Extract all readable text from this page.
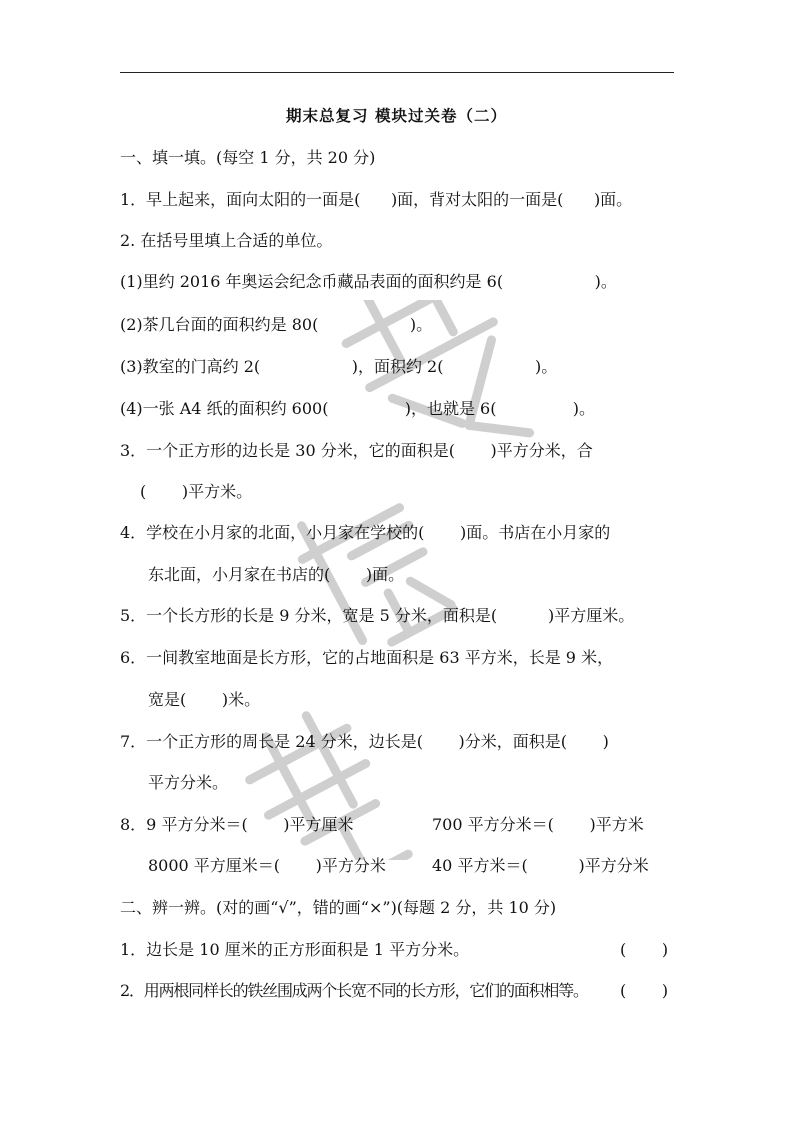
期末总复习 模块过关卷（二）
一、填一填。(每空 1 分，共 20 分)
1．早上起来，面向太阳的一面是(      )面，背对太阳的一面是(      )面。
2. 在括号里填上合适的单位。
(1)里约 2016 年奥运会纪念币藏品表面的面积约是 6(                  )。
(2)茶几台面的面积约是 80(                  )。
(3)教室的门高约 2(                  )，面积约 2(                  )。
(4)一张 A4 纸的面积约 600(               )，也就是 6(               )。
3．一个正方形的边长是 30 分米，它的面积是(       )平方分米，合
(       )平方米。
4．学校在小月家的北面，小月家在学校的(       )面。书店在小月家的
东北面，小月家在书店的(       )面。
5．一个长方形的长是 9 分米，宽是 5 分米，面积是(          )平方厘米。
6．一间教室地面是长方形，它的占地面积是 63 平方米，长是 9 米，
宽是(       )米。
7．一个正方形的周长是 24 分米，边长是(       )分米，面积是(       )
平方分米。
8．9 平方分米＝(       )平方厘米	700 平方分米＝(       )平方米
8000 平方厘米＝(       )平方分米	40 平方米＝(          )平方分米
二、辨一辨。(对的画“√”，错的画“×”)(每题 2 分，共 10 分)
1．边长是 10 厘米的正方形面积是 1 平方分米。	(       )
2．用两根同样长的铁丝围成两个长宽不同的长方形，它们的面积相等。 (       )
